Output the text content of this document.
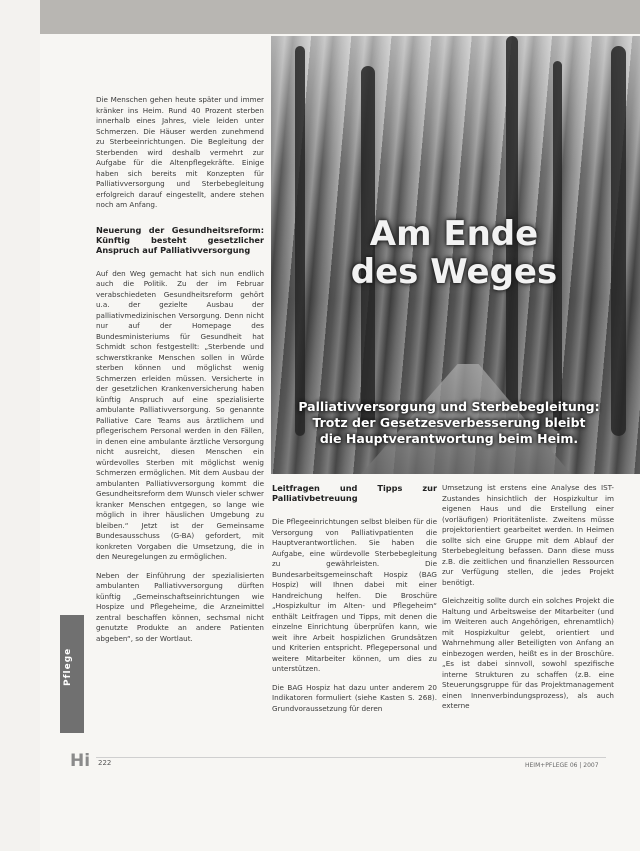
Am Ende
des Weges
Palliativversorgung und Sterbebegleitung:
Trotz der Gesetzesverbesserung bleibt
die Hauptverantwortung beim Heim.
Pflege

Die Menschen gehen heute später und immer kränker ins Heim. Rund 40 Prozent sterben innerhalb eines Jahres, viele leiden unter Schmerzen. Die Häuser werden zunehmend zu Sterbeeinrichtungen. Die Begleitung der Sterbenden wird deshalb vermehrt zur Aufgabe für die Altenpflegekräfte. Einige haben sich bereits mit Konzepten für Palliativversorgung und Sterbebegleitung erfolgreich darauf eingestellt, andere stehen noch am Anfang.

Neuerung der Gesundheitsreform: Künftig besteht gesetzlicher Anspruch auf Palliativversorgung

Auf den Weg gemacht hat sich nun endlich auch die Politik. Zu der im Februar verabschiedeten Gesundheitsreform gehört u.a. der gezielte Ausbau der palliativmedizinischen Versorgung. Denn nicht nur auf der Homepage des Bundesministeriums für Gesundheit hat Schmidt schon festgestellt: „Sterbende und schwerstkranke Menschen sollen in Würde sterben können und möglichst wenig Schmerzen erleiden müssen. Versicherte in der gesetzlichen Krankenversicherung haben künftig Anspruch auf eine spezialisierte ambulante Palliativversorgung. So genannte Palliative Care Teams aus ärztlichem und pflegerischem Personal werden in den Fällen, in denen eine ambulante ärztliche Versorgung nicht ausreicht, diesen Menschen ein würdevolles Sterben mit möglichst wenig Schmerzen ermöglichen. Mit dem Ausbau der ambulanten Palliativversorgung kommt die Gesundheitsreform dem Wunsch vieler schwer kranker Menschen entgegen, so lange wie möglich in ihrer häuslichen Umgebung zu bleiben.“ Jetzt ist der Gemeinsame Bundesausschuss (G-BA) gefordert, mit konkreten Vorgaben die Umsetzung, die in den Neuregelungen zu ermöglichen.

Neben der Einführung der spezialisierten ambulanten Palliativversorgung dürften künftig „Gemeinschaftseinrichtungen wie Hospize und Pflegeheime, die Arzneimittel zentral beschaffen können, sechsmal nicht genutzte Produkte an andere Patienten abgeben“, so der Wortlaut.

Leitfragen und Tipps zur Palliativbetreuung

Die Pflegeeinrichtungen selbst bleiben für die Versorgung von Palliativpatienten die Hauptverantwortlichen. Sie haben die Aufgabe, eine würdevolle Sterbebegleitung zu gewährleisten. Die Bundesarbeitsgemeinschaft Hospiz (BAG Hospiz) will Ihnen dabei mit einer Handreichung helfen. Die Broschüre „Hospizkultur im Alten- und Pflegeheim“ enthält Leitfragen und Tipps, mit denen die einzelne Einrichtung überprüfen kann, wie weit ihre Arbeit hospizlichen Grundsätzen und Kriterien entspricht. Pflegepersonal und weitere Mitarbeiter können, um dies zu unterstützen.

Die BAG Hospiz hat dazu unter anderem 20 Indikatoren formuliert (siehe Kasten S. 268). Grundvoraussetzung für deren

Umsetzung ist erstens eine Analyse des IST-Zustandes hinsichtlich der Hospizkultur im eigenen Haus und die Erstellung einer (vorläufigen) Prioritätenliste. Zweitens müsse projektorientiert gearbeitet werden. In Heimen sollte sich eine Gruppe mit dem Ablauf der Sterbebegleitung befassen. Dann diese muss z.B. die zeitlichen und finanziellen Ressourcen zur Verfügung stellen, die jedes Projekt benötigt.

Gleichzeitig sollte durch ein solches Projekt die Haltung und Arbeitsweise der Mitarbeiter (und im Weiteren auch Angehörigen, ehrenamtlich) mit Hospizkultur gelebt, orientiert und Wahrnehmung aller Beteiligten von Anfang an einbezogen werden, heißt es in der Broschüre. „Es ist dabei sinnvoll, sowohl spezifische interne Strukturen zu schaffen (z.B. eine Steuerungsgruppe für das Projektmanagement einen Innenverbindungsprozess), als auch externe

Hi 222	HEIM+PFLEGE 06 | 2007
